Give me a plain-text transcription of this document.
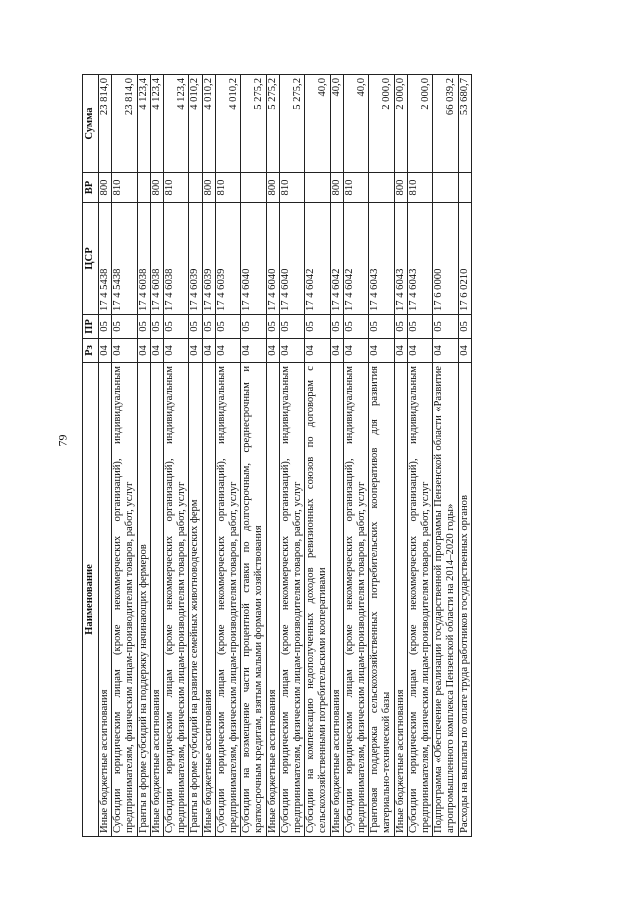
79
Наименование	Рз	ПР	ЦСР	ВР	Сумма
Иные бюджетные ассигнования	04	05	17 4 5438	800	23 814,0
Субсидии юридическим лицам (кроме некоммерческих организаций), индивидуальным предпринимателям, физическим лицам-производителям товаров, работ, услуг	04	05	17 4 5438	810	23 814,0
Гранты в форме субсидий на поддержку начинающих фермеров	04	05	17 4 6038		4 123,4
Иные бюджетные ассигнования	04	05	17 4 6038	800	4 123,4
Субсидии юридическим лицам (кроме некоммерческих организаций), индивидуальным предпринимателям, физическим лицам-производителям товаров, работ, услуг	04	05	17 4 6038	810	4 123,4
Гранты в форме субсидий на развитие семейных животноводческих ферм	04	05	17 4 6039		4 010,2
Иные бюджетные ассигнования	04	05	17 4 6039	800	4 010,2
Субсидии юридическим лицам (кроме некоммерческих организаций), индивидуальным предпринимателям, физическим лицам-производителям товаров, работ, услуг	04	05	17 4 6039	810	4 010,2
Субсидии на возмещение части процентной ставки по долгосрочным, среднесрочным и краткосрочным кредитам, взятым малыми формами хозяйствования	04	05	17 4 6040		5 275,2
Иные бюджетные ассигнования	04	05	17 4 6040	800	5 275,2
Субсидии юридическим лицам (кроме некоммерческих организаций), индивидуальным предпринимателям, физическим лицам-производителям товаров, работ, услуг	04	05	17 4 6040	810	5 275,2
Субсидии на компенсацию недополученных доходов ревизионных союзов по договорам с сельскохозяйственными потребительскими кооперативами	04	05	17 4 6042		40,0
Иные бюджетные ассигнования	04	05	17 4 6042	800	40,0
Субсидии юридическим лицам (кроме некоммерческих организаций), индивидуальным предпринимателям, физическим лицам-производителям товаров, работ, услуг	04	05	17 4 6042	810	40,0
Грантовая поддержка сельскохозяйственных потребительских кооперативов для развития материально-технической базы	04	05	17 4 6043		2 000,0
Иные бюджетные ассигнования	04	05	17 4 6043	800	2 000,0
Субсидии юридическим лицам (кроме некоммерческих организаций), индивидуальным предпринимателям, физическим лицам-производителям товаров, работ, услуг	04	05	17 4 6043	810	2 000,0
Подпрограмма «Обеспечение реализации государственной программы Пензенской области «Развитие агропромышленного комплекса Пензенской области на 2014–2020 годы»	04	05	17 6 0000		66 039,2
Расходы на выплаты по оплате труда работников государственных органов	04	05	17 6 0210		53 680,7
